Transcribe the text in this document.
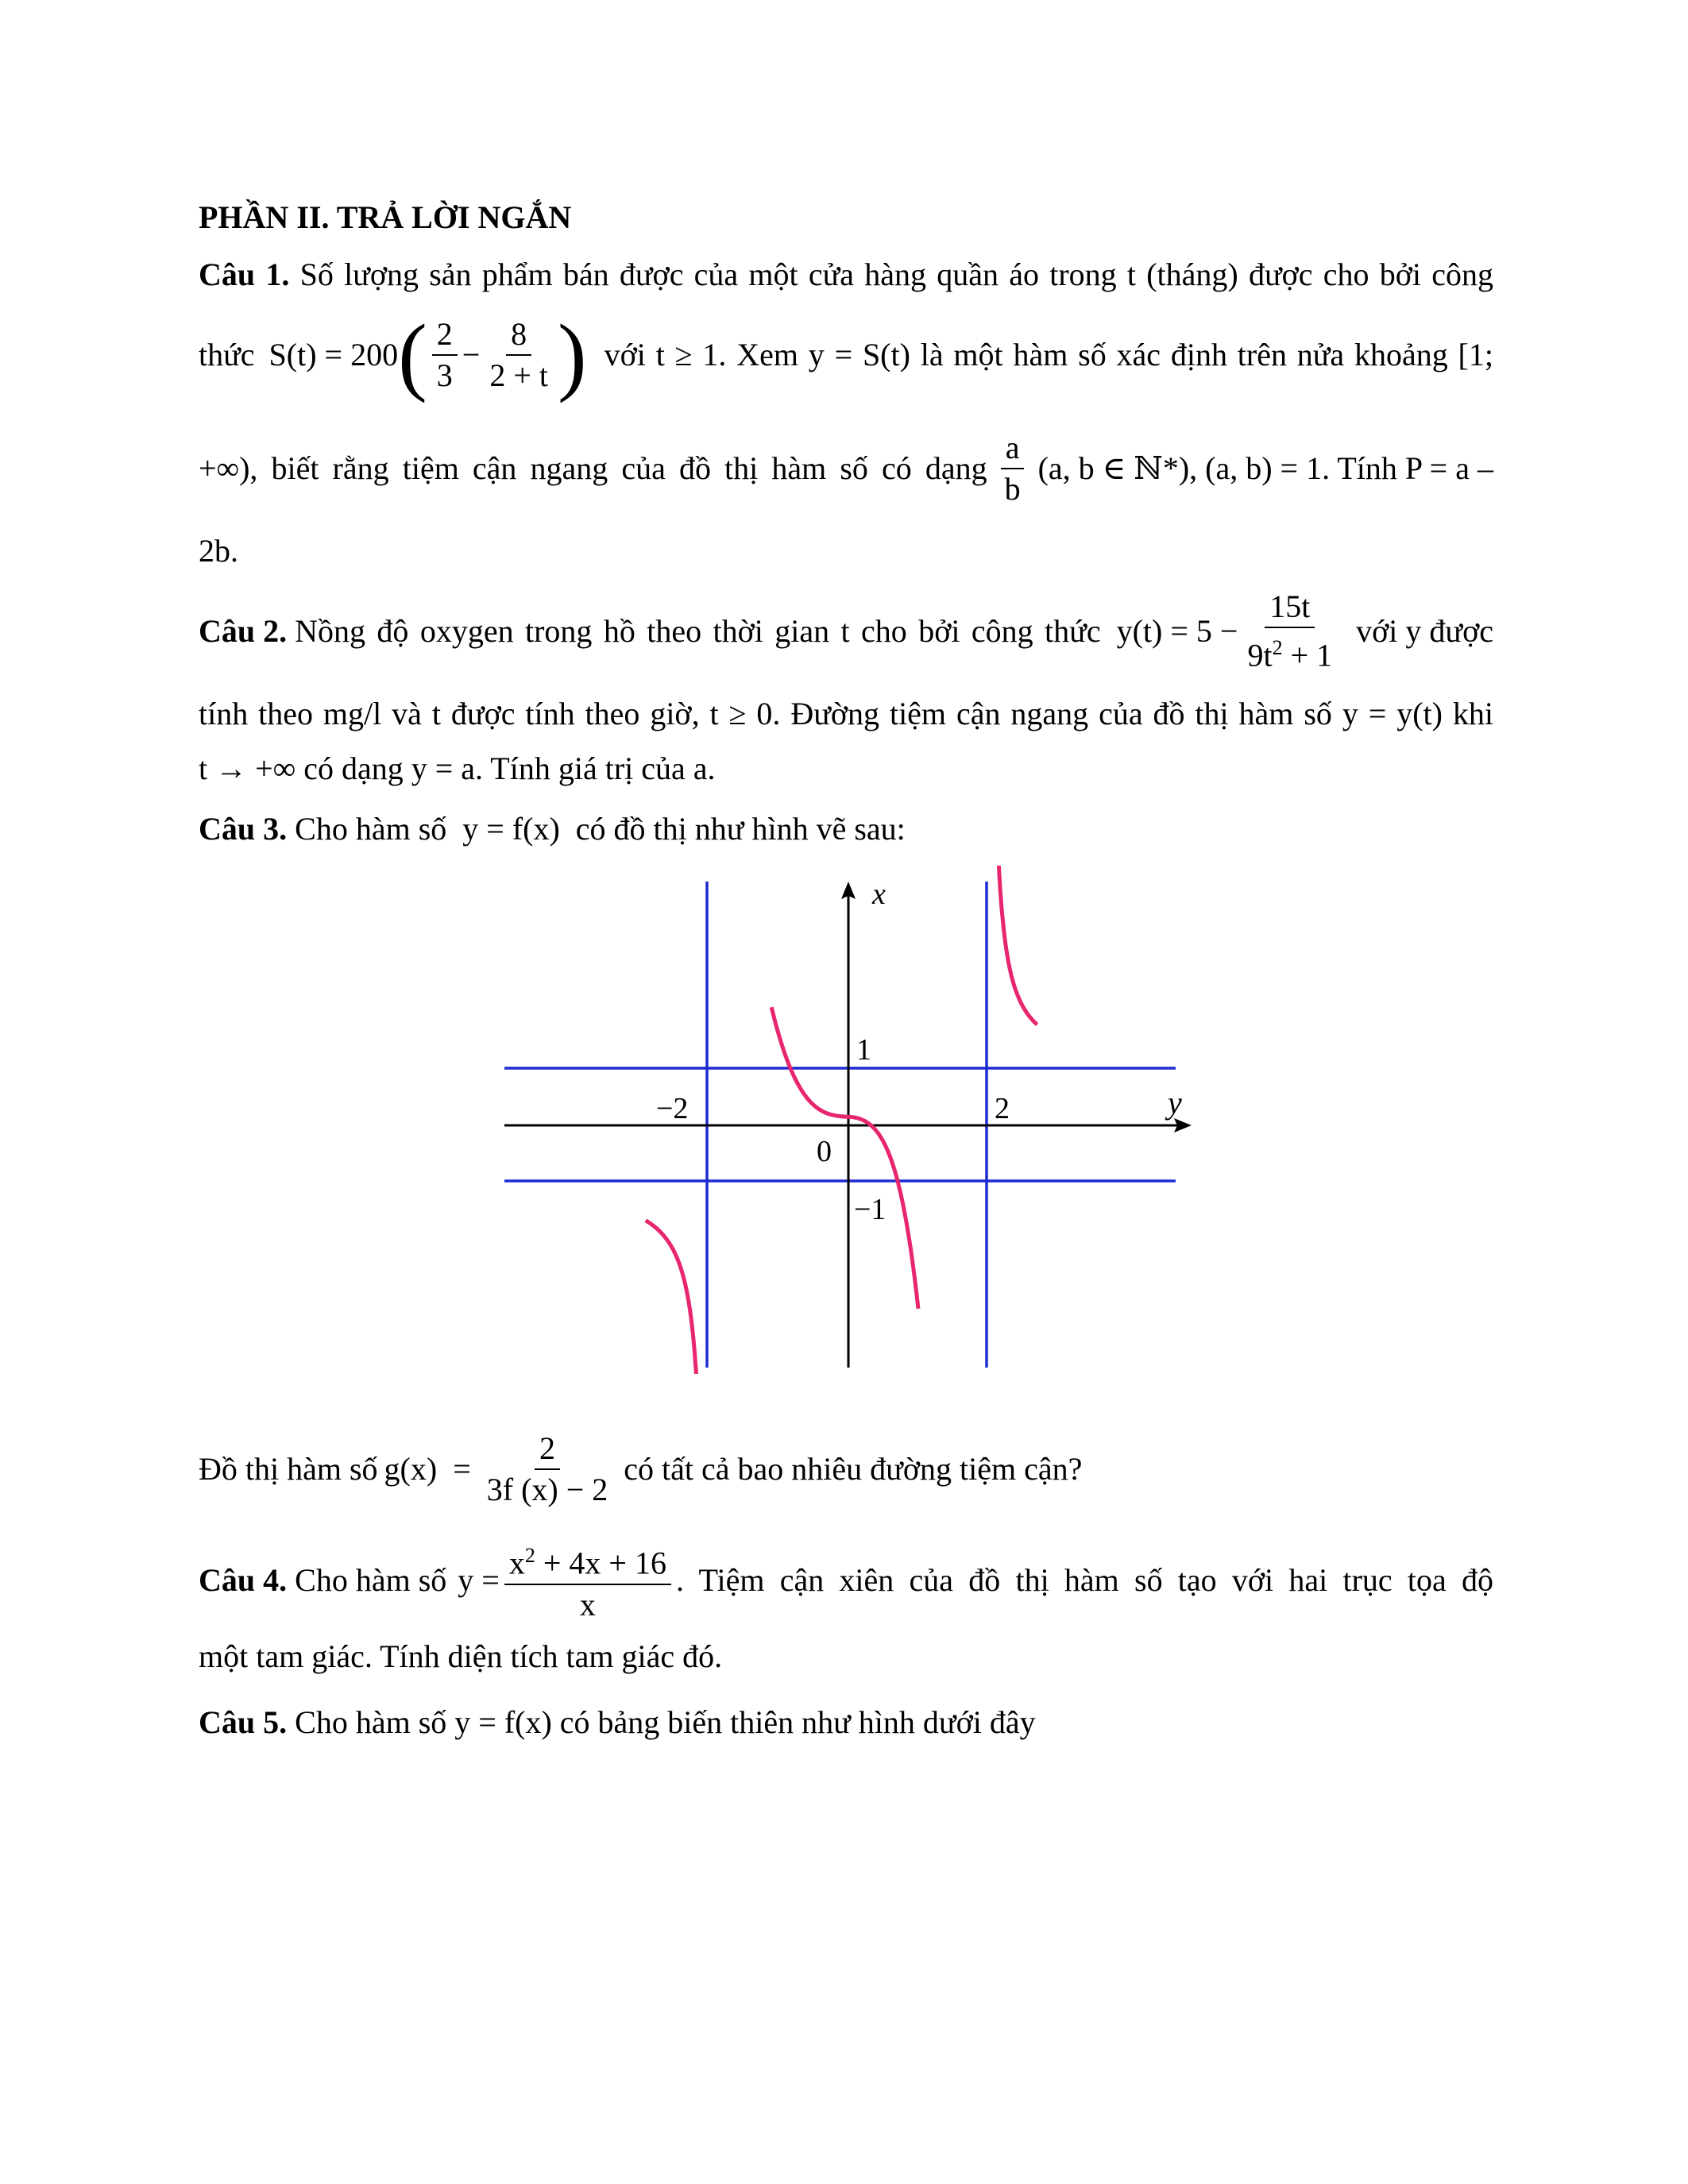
PHẦN II. TRẢ LỜI NGẮN
Câu 1. Số lượng sản phẩm bán được của một cửa hàng quần áo trong t (tháng) được cho bởi công
thức S(t) = 200 ( $\frac{2}{3} - \frac{8}{2 + t}$ ) với t ≥ 1. Xem y = S(t) là một hàm số xác định trên nửa khoảng [1;
+∞), biết rằng tiệm cận ngang của đồ thị hàm số có dạng $\frac{a}{b} (a$, b ∈ ℕ*), (a, b) = 1. Tính P = a –
2b.
Câu 2. Nồng độ oxygen trong hồ theo thời gian t cho bởi công thức $y(t) = 5 - \frac{15t}{9t^2 + 1}$ với y được
tính theo mg/l và t được tính theo giờ, t ≥ 0. Đường tiệm cận ngang của đồ thị hàm số y = y(t) khi
t → +∞ có dạng y = a. Tính giá trị của a.
Câu 3. Cho hàm số y = f(x) có đồ thị như hình vẽ sau:
x
y
−2	2
1
−1
0
Đồ thị hàm số $g(x) = \frac{2}{3f (x) - 2}$ có tất cả bao nhiêu đường tiệm cận?
Câu 4. Cho hàm số $y = \frac{x^2 + 4x + 16}{x}$ . Tiệm cận xiên của đồ thị hàm số tạo với hai trục tọa độ
một tam giác. Tính diện tích tam giác đó.
Câu 5. Cho hàm số y = f(x) có bảng biến thiên như hình dưới đây
